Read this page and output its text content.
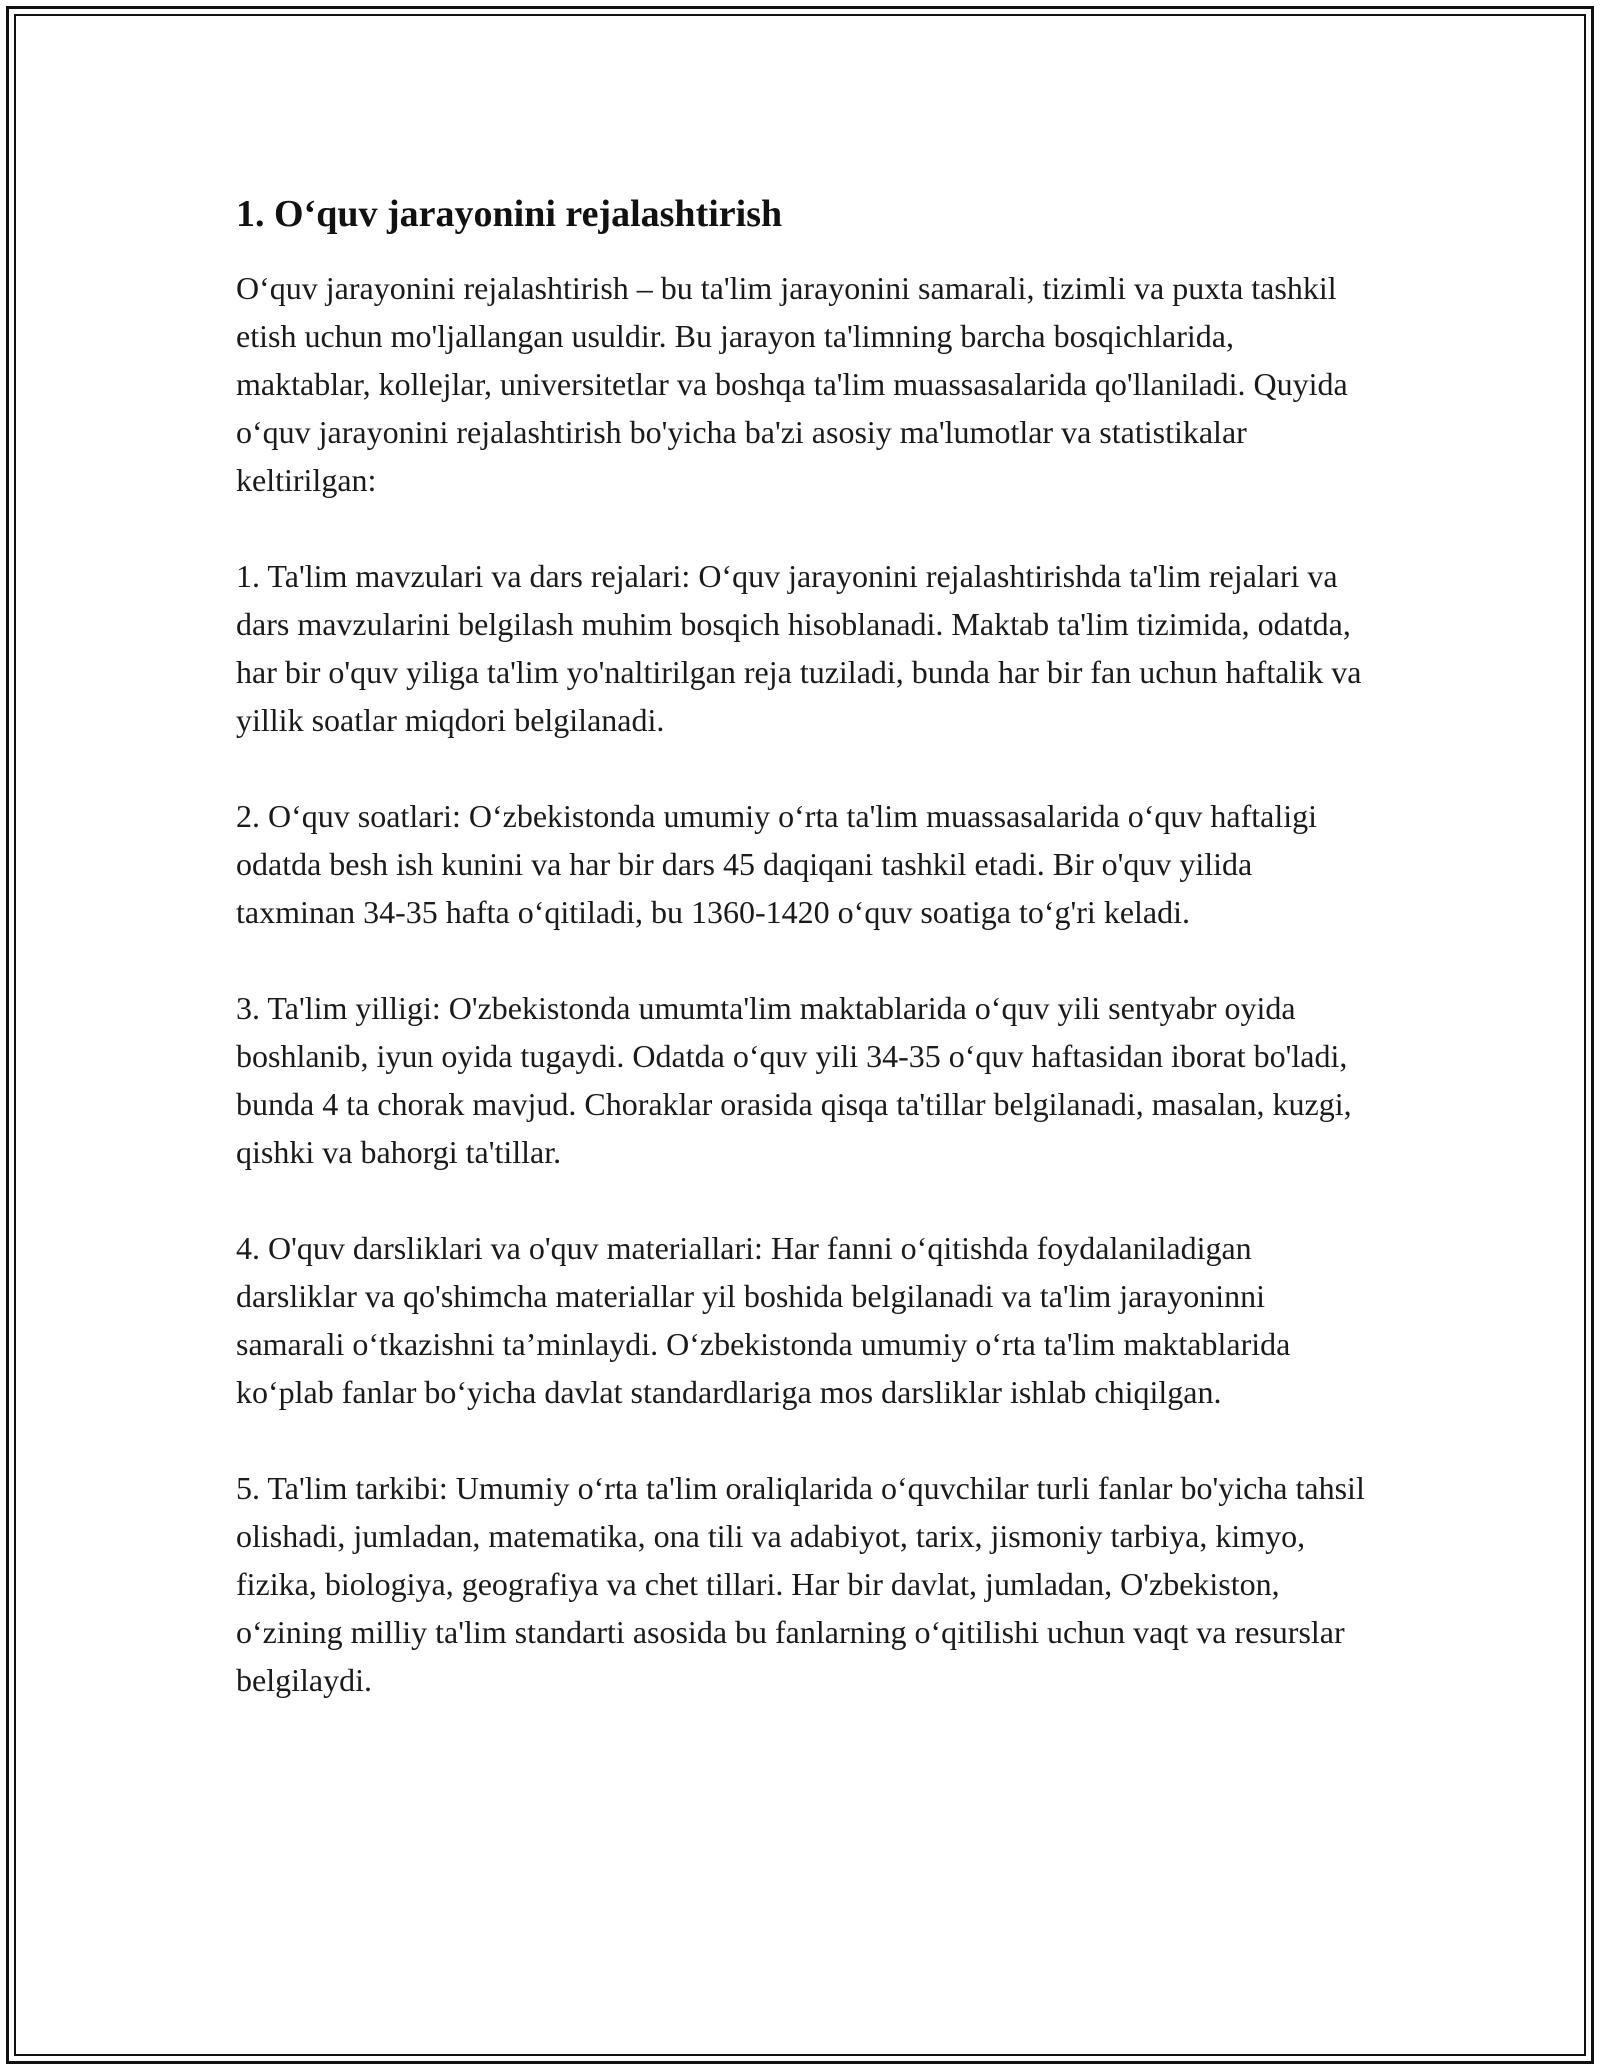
1. O‘quv jarayonini rejalashtirish

O‘quv jarayonini rejalashtirish – bu ta'lim jarayonini samarali, tizimli va puxta tashkil etish uchun mo'ljallangan usuldir. Bu jarayon ta'limning barcha bosqichlarida, maktablar, kollejlar, universitetlar va boshqa ta'lim muassasalarida qo'llaniladi. Quyida o‘quv jarayonini rejalashtirish bo'yicha ba'zi asosiy ma'lumotlar va statistikalar keltirilgan:

1. Ta'lim mavzulari va dars rejalari: O‘quv jarayonini rejalashtirishda ta'lim rejalari va dars mavzularini belgilash muhim bosqich hisoblanadi. Maktab ta'lim tizimida, odatda, har bir o'quv yiliga ta'lim yo'naltirilgan reja tuziladi, bunda har bir fan uchun haftalik va yillik soatlar miqdori belgilanadi.

2. O‘quv soatlari: O‘zbekistonda umumiy o‘rta ta'lim muassasalarida o‘quv haftaligi odatda besh ish kunini va har bir dars 45 daqiqani tashkil etadi. Bir o'quv yilida taxminan 34-35 hafta o‘qitiladi, bu 1360-1420 o‘quv soatiga to‘g'ri keladi.

3. Ta'lim yilligi: O'zbekistonda umumta'lim maktablarida o‘quv yili sentyabr oyida boshlanib, iyun oyida tugaydi. Odatda o‘quv yili 34-35 o‘quv haftasidan iborat bo'ladi, bunda 4 ta chorak mavjud. Choraklar orasida qisqa ta'tillar belgilanadi, masalan, kuzgi, qishki va bahorgi ta'tillar.

4. O'quv darsliklari va o'quv materiallari: Har fanni o‘qitishda foydalaniladigan darsliklar va qo'shimcha materiallar yil boshida belgilanadi va ta'lim jarayoninni samarali o‘tkazishni ta’minlaydi. O‘zbekistonda umumiy o‘rta ta'lim maktablarida ko‘plab fanlar bo‘yicha davlat standardlariga mos darsliklar ishlab chiqilgan.

5. Ta'lim tarkibi: Umumiy o‘rta ta'lim oraliqlarida o‘quvchilar turli fanlar bo'yicha tahsil olishadi, jumladan, matematika, ona tili va adabiyot, tarix, jismoniy tarbiya, kimyo, fizika, biologiya, geografiya va chet tillari. Har bir davlat, jumladan, O'zbekiston, o‘zining milliy ta'lim standarti asosida bu fanlarning o‘qitilishi uchun vaqt va resurslar belgilaydi.
